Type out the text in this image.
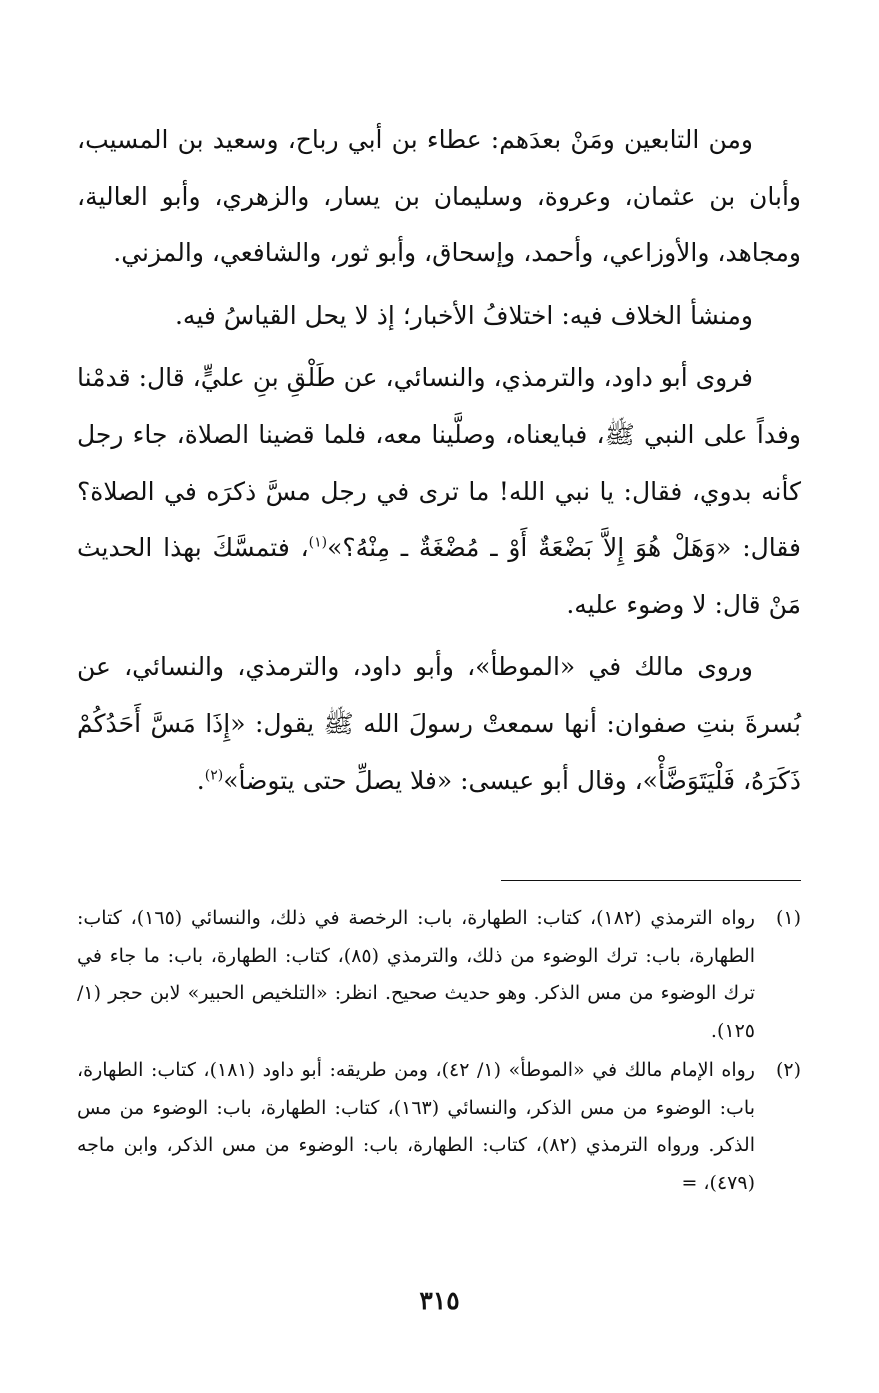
ومن التابعين ومَنْ بعدَهم: عطاء بن أبي رباح، وسعيد بن المسيب، وأبان بن عثمان، وعروة، وسليمان بن يسار، والزهري، وأبو العالية، ومجاهد، والأوزاعي، وأحمد، وإسحاق، وأبو ثور، والشافعي، والمزني.

ومنشأ الخلاف فيه: اختلافُ الأخبار؛ إذ لا يحل القياسُ فيه.

فروى أبو داود، والترمذي، والنسائي، عن طَلْقِ بنِ عليٍّ، قال: قدمْنا وفداً على النبي ﷺ، فبايعناه، وصلَّينا معه، فلما قضينا الصلاة، جاء رجل كأنه بدوي، فقال: يا نبي الله! ما ترى في رجل مسَّ ذكرَه في الصلاة؟ فقال: «وَهَلْ هُوَ إِلاَّ بَضْعَةٌ أَوْ ـ مُضْغَةٌ ـ مِنْهُ؟»$^{(١)}$، فتمسَّكَ بهذا الحديث مَنْ قال: لا وضوء عليه.

وروى مالك في «الموطأ»، وأبو داود، والترمذي، والنسائي، عن بُسرةَ بنتِ صفوان: أنها سمعتْ رسولَ الله ﷺ يقول: «إِذَا مَسَّ أَحَدُكُمْ ذَكَرَهُ، فَلْيَتَوَضَّأْ»، وقال أبو عيسى: «فلا يصلِّ حتى يتوضأ»$^{(٢)}$.

(١)
رواه الترمذي (١٨٢)، كتاب: الطهارة، باب: الرخصة في ذلك، والنسائي (١٦٥)، كتاب: الطهارة، باب: ترك الوضوء من ذلك، والترمذي (٨٥)، كتاب: الطهارة، باب: ما جاء في ترك الوضوء من مس الذكر. وهو حديث صحيح. انظر: «التلخيص الحبير» لابن حجر (١/ ١٢٥).
(٢)
رواه الإمام مالك في «الموطأ» (١/ ٤٢)، ومن طريقه: أبو داود (١٨١)، كتاب: الطهارة، باب: الوضوء من مس الذكر، والنسائي (١٦٣)، كتاب: الطهارة، باب: الوضوء من مس الذكر. ورواه الترمذي (٨٢)، كتاب: الطهارة، باب: الوضوء من مس الذكر، وابن ماجه (٤٧٩)، =
٣١٥
